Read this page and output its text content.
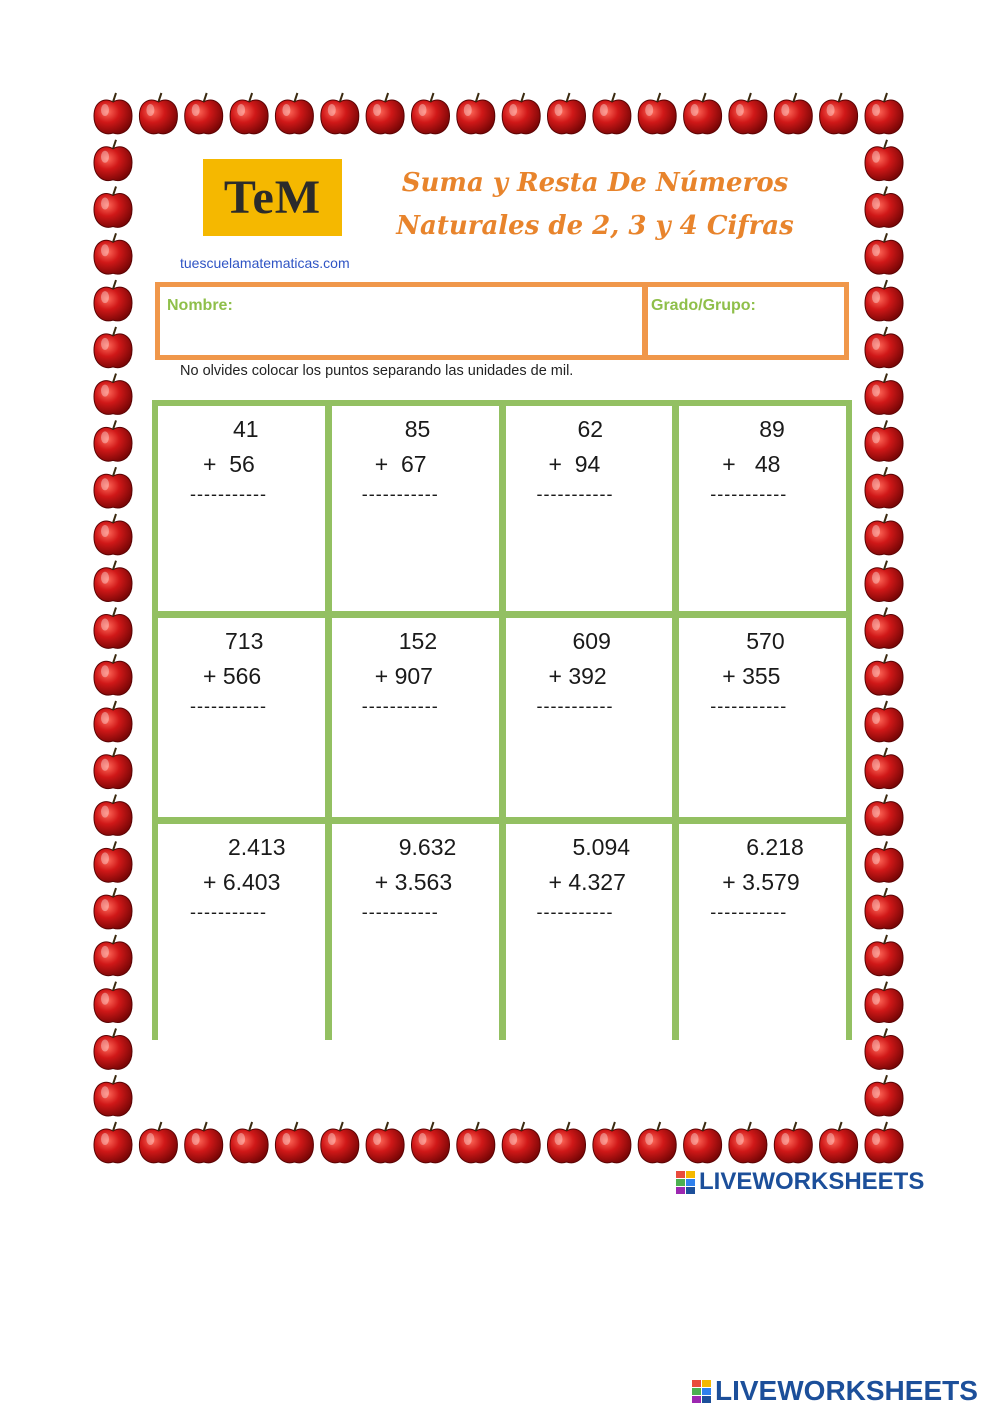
TeM	Suma y Resta De Números
Naturales de 2, 3 y 4 Cifras
tuescuelamatematicas.com
Nombre:	Grado/Grupo:
No olvides colocar los puntos separando las unidades de mil.
41
+  56
-----------
85
+  67
-----------
62
+  94
-----------
89
+   48
-----------
713
+ 566
-----------
152
+ 907
-----------
609
+ 392
-----------
570
+ 355
-----------
2.413
+ 6.403
-----------
9.632
+ 3.563
-----------
5.094
+ 4.327
-----------
6.218
+ 3.579
-----------
LIVEWORKSHEETS
LIVEWORKSHEETS
